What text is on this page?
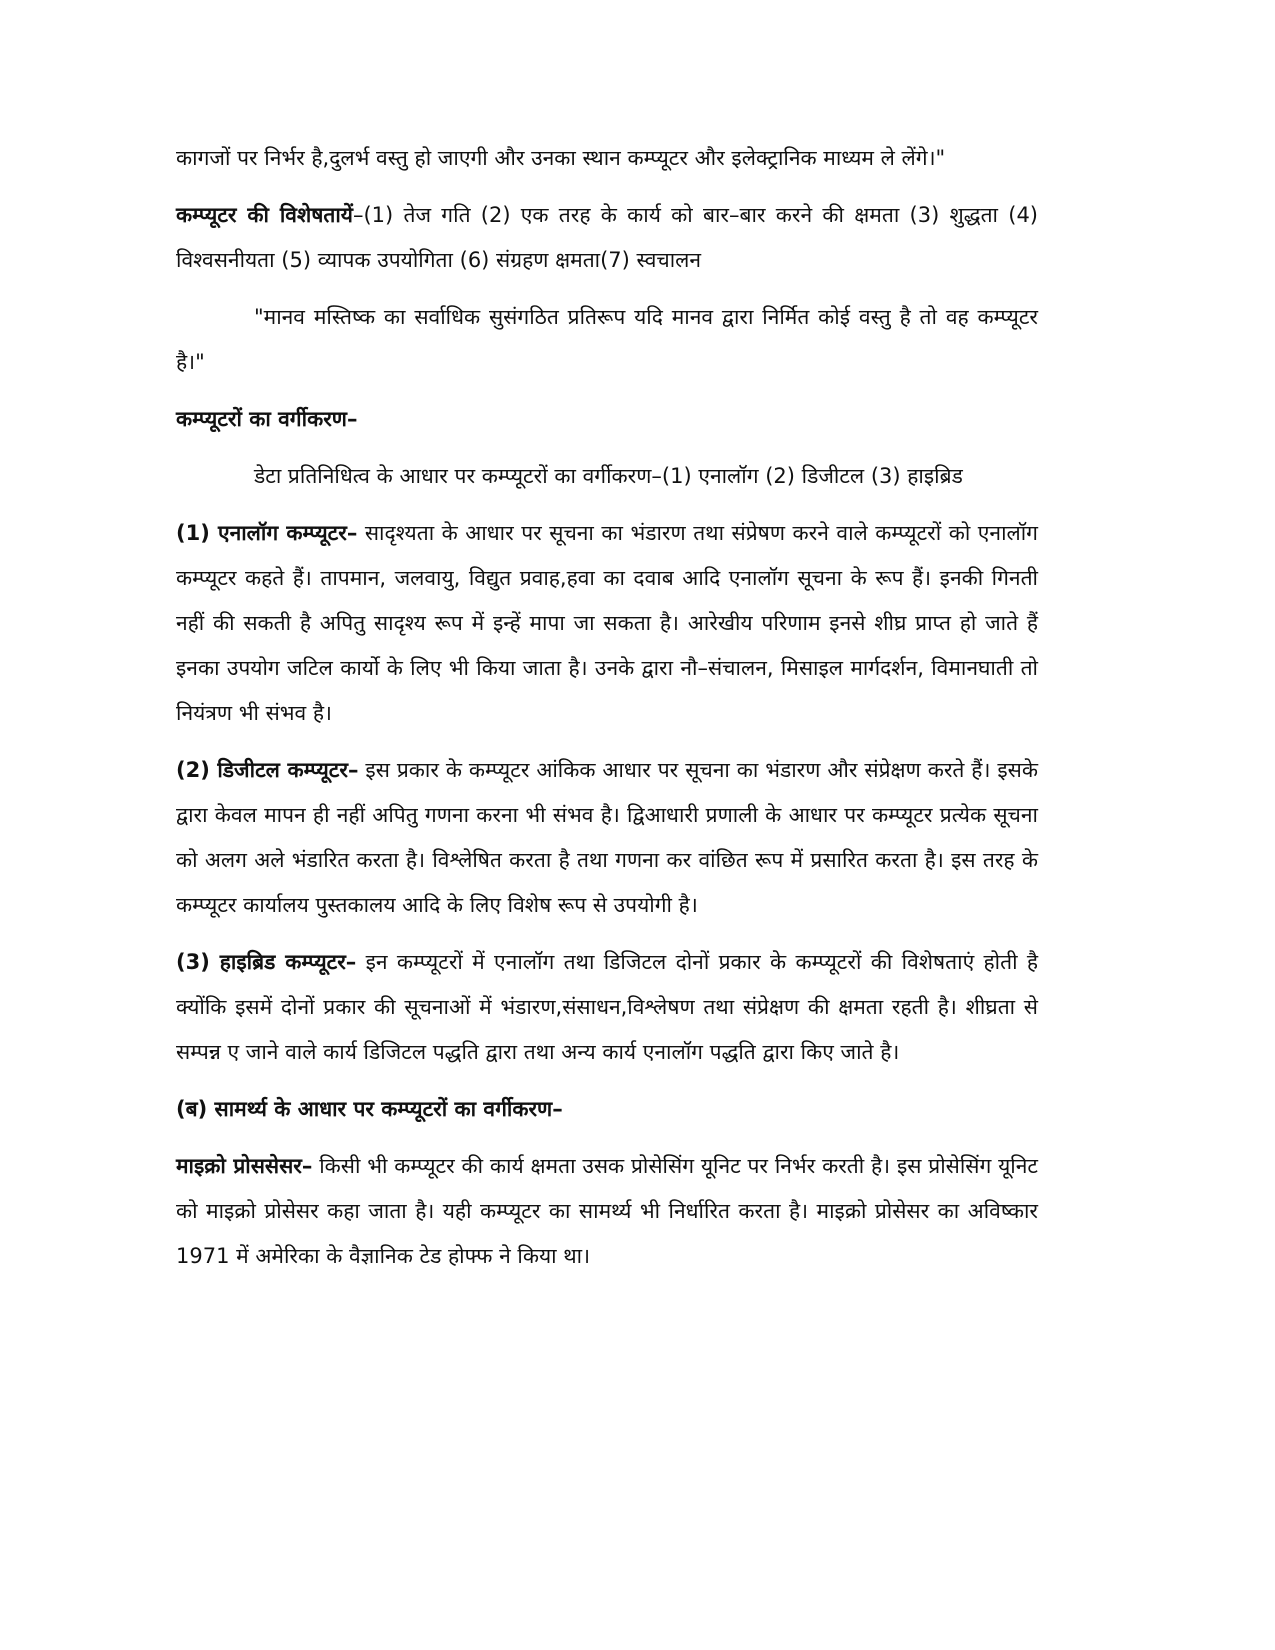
कागजों पर निर्भर है,दुलर्भ वस्तु हो जाएगी और उनका स्थान कम्प्यूटर और इलेक्ट्रानिक माध्यम ले लेंगे।"

कम्प्यूटर की विशेषतायें–(1) तेज गति (2) एक तरह के कार्य को बार–बार करने की क्षमता (3) शुद्धता (4) विश्वसनीयता (5) व्यापक उपयोगिता (6) संग्रहण क्षमता(7) स्वचालन

"मानव मस्तिष्क का सर्वाधिक सुसंगठित प्रतिरूप यदि मानव द्वारा निर्मित कोई वस्तु है तो वह कम्प्यूटर है।"

कम्प्यूटरों का वर्गीकरण–

डेटा प्रतिनिधित्व के आधार पर कम्प्यूटरों का वर्गीकरण–(1) एनालॉग (2) डिजीटल (3) हाइब्रिड

(1) एनालॉग कम्प्यूटर– सादृश्यता के आधार पर सूचना का भंडारण तथा संप्रेषण करने वाले कम्प्यूटरों को एनालॉग कम्प्यूटर कहते हैं। तापमान, जलवायु, विद्युत प्रवाह,हवा का दवाब आदि एनालॉग सूचना के रूप हैं। इनकी गिनती नहीं की सकती है अपितु सादृश्य रूप में इन्हें मापा जा सकता है। आरेखीय परिणाम इनसे शीघ्र प्राप्त हो जाते हैं इनका उपयोग जटिल कार्यो के लिए भी किया जाता है। उनके द्वारा नौ–संचालन, मिसाइल मार्गदर्शन, विमानघाती तो नियंत्रण भी संभव है।

(2) डिजीटल कम्प्यूटर– इस प्रकार के कम्प्यूटर आंकिक आधार पर सूचना का भंडारण और संप्रेक्षण करते हैं। इसके द्वारा केवल मापन ही नहीं अपितु गणना करना भी संभव है। द्विआधारी प्रणाली के आधार पर कम्प्यूटर प्रत्येक सूचना को अलग अले भंडारित करता है। विश्लेषित करता है तथा गणना कर वांछित रूप में प्रसारित करता है। इस तरह के कम्प्यूटर कार्यालय पुस्तकालय आदि के लिए विशेष रूप से उपयोगी है।

(3) हाइब्रिड कम्प्यूटर– इन कम्प्यूटरों में एनालॉग तथा डिजिटल दोनों प्रकार के कम्प्यूटरों की विशेषताएं होती है क्योंकि इसमें दोनों प्रकार की सूचनाओं में भंडारण,संसाधन,विश्लेषण तथा संप्रेक्षण की क्षमता रहती है। शीघ्रता से सम्पन्न ए जाने वाले कार्य डिजिटल पद्धति द्वारा तथा अन्य कार्य एनालॉग पद्धति द्वारा किए जाते है।

(ब) सामर्थ्य के आधार पर कम्प्यूटरों का वर्गीकरण–

माइक्रो प्रोससेसर– किसी भी कम्प्यूटर की कार्य क्षमता उसक प्रोसेसिंग यूनिट पर निर्भर करती है। इस प्रोसेसिंग यूनिट को माइक्रो प्रोसेसर कहा जाता है। यही कम्प्यूटर का सामर्थ्य भी निर्धारित करता है। माइक्रो प्रोसेसर का अविष्कार 1971 में अमेरिका के वैज्ञानिक टेड होफ्फ ने किया था।
